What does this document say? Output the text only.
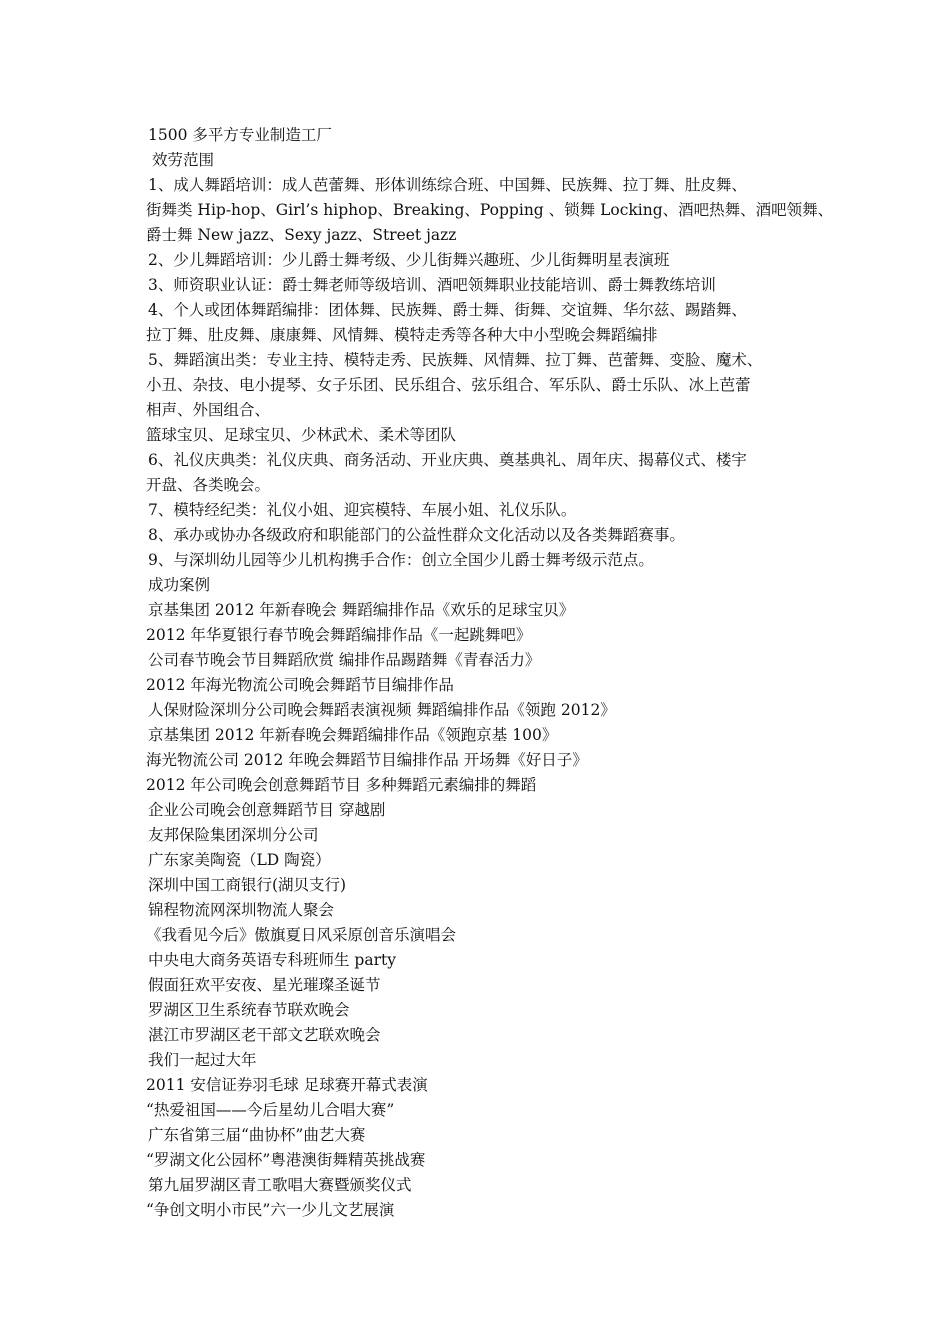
1500 多平方专业制造工厂
效劳范围
1、成人舞蹈培训：成人芭蕾舞、形体训练综合班、中国舞、民族舞、拉丁舞、肚皮舞、
街舞类 Hip-hop、Girl’s hiphop、Breaking、Popping 、锁舞 Locking、酒吧热舞、酒吧领舞、
爵士舞 New jazz、Sexy jazz、Street jazz
2、少儿舞蹈培训：少儿爵士舞考级、少儿街舞兴趣班、少儿街舞明星表演班
3、师资职业认证：爵士舞老师等级培训、酒吧领舞职业技能培训、爵士舞教练培训
4、个人或团体舞蹈编排：团体舞、民族舞、爵士舞、街舞、交谊舞、华尔兹、踢踏舞、
拉丁舞、肚皮舞、康康舞、风情舞、模特走秀等各种大中小型晚会舞蹈编排
5、舞蹈演出类：专业主持、模特走秀、民族舞、风情舞、拉丁舞、芭蕾舞、变脸、魔术、
小丑、杂技、电小提琴、女子乐团、民乐组合、弦乐组合、军乐队、爵士乐队、冰上芭蕾
相声、外国组合、
篮球宝贝、足球宝贝、少林武术、柔术等团队
6、礼仪庆典类：礼仪庆典、商务活动、开业庆典、奠基典礼、周年庆、揭幕仪式、楼宇
开盘、各类晚会。
7、模特经纪类：礼仪小姐、迎宾模特、车展小姐、礼仪乐队。
8、承办或协办各级政府和职能部门的公益性群众文化活动以及各类舞蹈赛事。
9、与深圳幼儿园等少儿机构携手合作：创立全国少儿爵士舞考级示范点。
成功案例
京基集团 2012 年新春晚会 舞蹈编排作品《欢乐的足球宝贝》
2012 年华夏银行春节晚会舞蹈编排作品《一起跳舞吧》
公司春节晚会节目舞蹈欣赏 编排作品踢踏舞《青春活力》
2012 年海光物流公司晚会舞蹈节目编排作品
人保财险深圳分公司晚会舞蹈表演视频 舞蹈编排作品《领跑 2012》
京基集团 2012 年新春晚会舞蹈编排作品《领跑京基 100》
海光物流公司 2012 年晚会舞蹈节目编排作品 开场舞《好日子》
2012 年公司晚会创意舞蹈节目 多种舞蹈元素编排的舞蹈
企业公司晚会创意舞蹈节目 穿越剧
友邦保险集团深圳分公司
广东家美陶瓷（LD 陶瓷）
深圳中国工商银行(湖贝支行)
锦程物流网深圳物流人聚会
《我看见今后》傲旗夏日风采原创音乐演唱会
中央电大商务英语专科班师生 party
假面狂欢平安夜、星光璀璨圣诞节
罗湖区卫生系统春节联欢晚会
湛江市罗湖区老干部文艺联欢晚会
我们一起过大年
2011 安信证券羽毛球 足球赛开幕式表演
“热爱祖国——今后星幼儿合唱大赛”
广东省第三届“曲协杯”曲艺大赛
“罗湖文化公园杯”粤港澳街舞精英挑战赛
第九届罗湖区青工歌唱大赛暨颁奖仪式
“争创文明小市民”六一少儿文艺展演
